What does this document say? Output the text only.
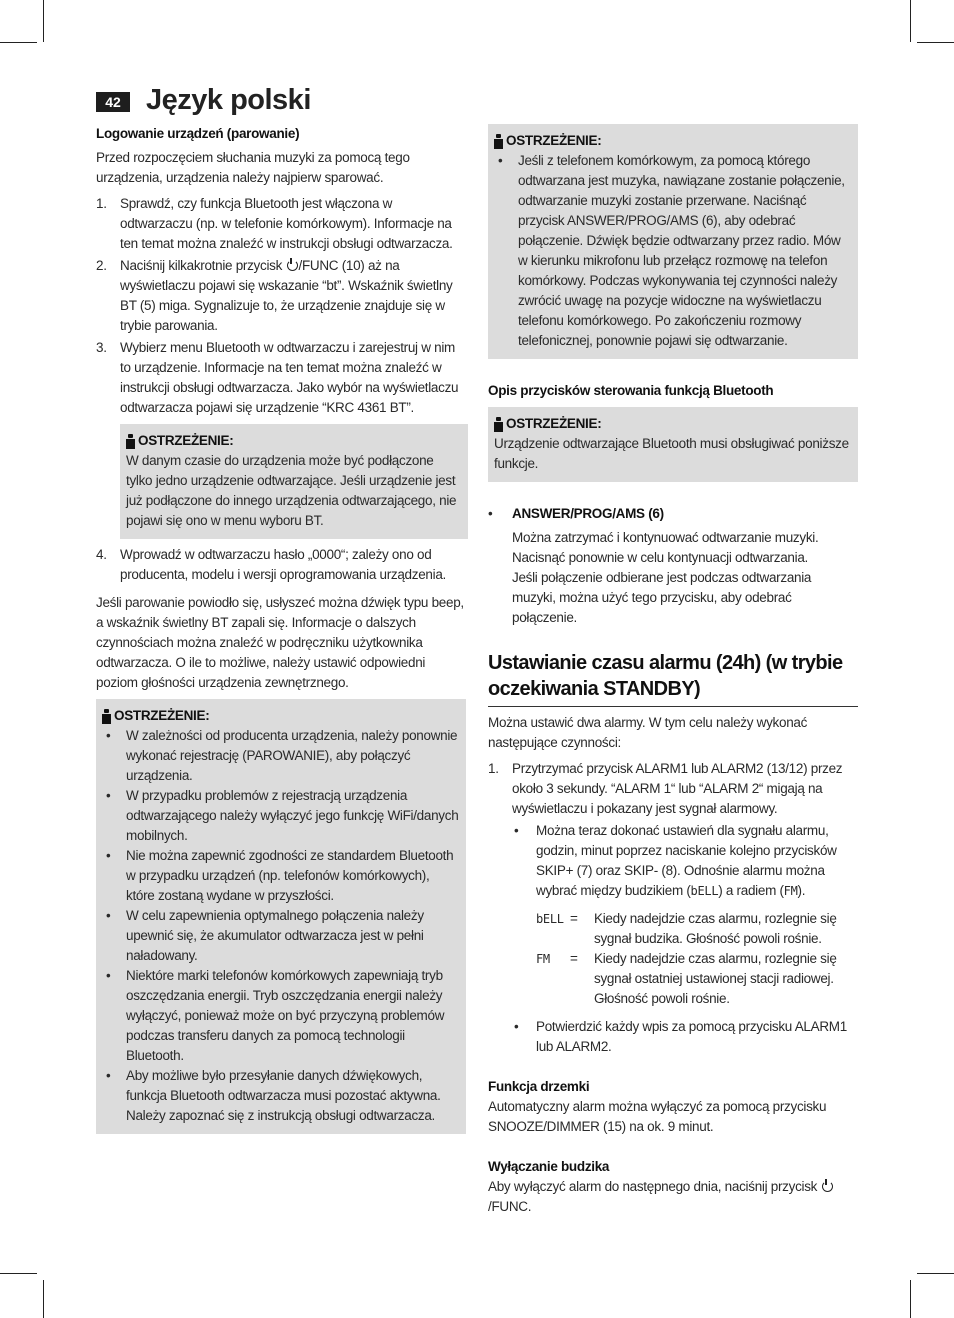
42 Język polski

Logowanie urządzeń (parowanie)

Przed rozpoczęciem słuchania muzyki za pomocą tego urządzenia, urządzenia należy najpierw sparować.

1. Sprawdź, czy funkcja Bluetooth jest włączona w odtwarzaczu (np. w telefonie komórkowym). Informacje na ten temat można znaleźć w instrukcji obsługi odtwarzacza.
2. Naciśnij kilkakrotnie przycisk /FUNC (10) aż na wyświetlaczu pojawi się wskazanie “bt”. Wskaźnik świetlny BT (5) miga. Sygnalizuje to, że urządzenie znajduje się w trybie parowania.
3. Wybierz menu Bluetooth w odtwarzaczu i zarejestruj w nim to urządzenie. Informacje na ten temat można znaleźć w instrukcji obsługi odtwarzacza. Jako wybór na wyświetlaczu odtwarzacza pojawi się urządzenie “KRC 4361 BT”.
OSTRZEŻENIE:

W danym czasie do urządzenia może być podłączone tylko jedno urządzenie odtwarzające. Jeśli urządzenie jest już podłączone do innego urządzenia odtwarzającego, nie pojawi się ono w menu wyboru BT.

4. Wprowadź w odtwarzaczu hasło „0000“; zależy ono od producenta, modelu i wersji oprogramowania urządzenia.

Jeśli parowanie powiodło się, usłyszeć można dźwięk typu beep, a wskaźnik świetlny BT zapali się. Informacje o dalszych czynnościach można znaleźć w podręczniku użytkownika odtwarzacza. O ile to możliwe, należy ustawić odpowiedni poziom głośności urządzenia zewnętrznego.

OSTRZEŻENIE:
• W zależności od producenta urządzenia, należy ponownie wykonać rejestrację (PAROWANIE), aby połączyć urządzenia.
• W przypadku problemów z rejestracją urządzenia odtwarzającego należy wyłączyć jego funkcję WiFi/danych mobilnych.
• Nie można zapewnić zgodności ze standardem Bluetooth w przypadku urządzeń (np. telefonów komórkowych), które zostaną wydane w przyszłości.
• W celu zapewnienia optymalnego połączenia należy upewnić się, że akumulator odtwarzacza jest w pełni naładowany.
• Niektóre marki telefonów komórkowych zapewniają tryb oszczędzania energii. Tryb oszczędzania energii należy wyłączyć, ponieważ może on być przyczyną problemów podczas transferu danych za pomocą technologii Bluetooth.
• Aby możliwe było przesyłanie danych dźwiękowych, funkcja Bluetooth odtwarzacza musi pozostać aktywna. Należy zapoznać się z instrukcją obsługi odtwarzacza.
OSTRZEŻENIE:
• Jeśli z telefonem komórkowym, za pomocą którego odtwarzana jest muzyka, nawiązane zostanie połączenie, odtwarzanie muzyki zostanie przerwane. Naciśnąć przycisk ANSWER/PROG/AMS (6), aby odebrać połączenie. Dźwięk będzie odtwarzany przez radio. Mów w kierunku mikrofonu lub przełącz rozmowę na telefon komórkowy. Podczas wykonywania tej czynności należy zwrócić uwagę na pozycje widoczne na wyświetlaczu telefonu komórkowego. Po zakończeniu rozmowy telefonicznej, ponownie pojawi się odtwarzanie.

Opis przycisków sterowania funkcją Bluetooth

OSTRZEŻENIE:

Urządzenie odtwarzające Bluetooth musi obsługiwać poniższe funkcje.

• ANSWER/PROG/AMS (6)

Można zatrzymać i kontynuować odtwarzanie muzyki.

Nacisnąć ponownie w celu kontynuacji odtwarzania.

Jeśli połączenie odbierane jest podczas odtwarzania muzyki, można użyć tego przycisku, aby odebrać połączenie.

Ustawianie czasu alarmu (24h) (w trybie oczekiwania STANDBY)

Można ustawić dwa alarmy. W tym celu należy wykonać następujące czynności:

1. Przytrzymać przycisk ALARM1 lub ALARM2 (13/12) przez około 3 sekundy. “ALARM 1“ lub “ALARM 2“ migają na wyświetlaczu i pokazany jest sygnał alarmowy.
• Można teraz dokonać ustawień dla sygnału alarmu, godzin, minut poprzez naciskanie kolejno przycisków SKIP+ (7) oraz SKIP- (8). Odnośnie alarmu można wybrać między budzikiem (bELL) a radiem (FM).
bELL =	Kiedy nadejdzie czas alarmu, rozlegnie się sygnał budzika. Głośność powoli rośnie.
FM	=	Kiedy nadejdzie czas alarmu, rozlegnie się sygnał ostatniej ustawionej stacji radiowej. Głośność powoli rośnie.
• Potwierdzić każdy wpis za pomocą przycisku ALARM1 lub ALARM2.

Funkcja drzemki

Automatyczny alarm można wyłączyć za pomocą przycisku SNOOZE/DIMMER (15) na ok. 9 minut.

Wyłączanie budzika

Aby wyłączyć alarm do następnego dnia, naciśnij przycisk /FUNC.
